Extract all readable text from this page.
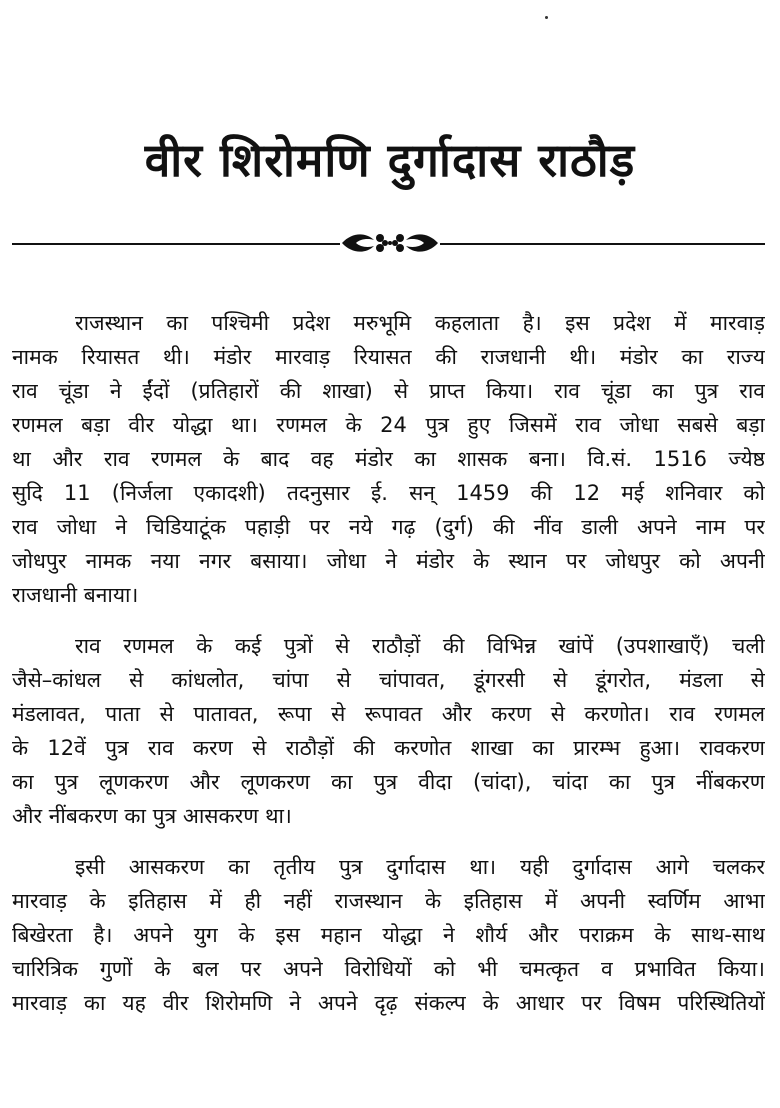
वीर शिरोमणि दुर्गादास राठौड़
राजस्थान का पश्चिमी प्रदेश मरुभूमि कहलाता है। इस प्रदेश में मारवाड़
नामक रियासत थी। मंडोर मारवाड़ रियासत की राजधानी थी। मंडोर का राज्य
राव चूंडा ने ईंदों (प्रतिहारों की शाखा) से प्राप्त किया। राव चूंडा का पुत्र राव
रणमल बड़ा वीर योद्धा था। रणमल के 24 पुत्र हुए जिसमें राव जोधा सबसे बड़ा
था और राव रणमल के बाद वह मंडोर का शासक बना। वि.सं. 1516 ज्येष्ठ
सुदि 11 (निर्जला एकादशी) तदनुसार ई. सन् 1459 की 12 मई शनिवार को
राव जोधा ने चिडियाटूंक पहाड़ी पर नये गढ़ (दुर्ग) की नींव डाली अपने नाम पर
जोधपुर नामक नया नगर बसाया। जोधा ने मंडोर के स्थान पर जोधपुर को अपनी
राजधानी बनाया।
राव रणमल के कई पुत्रों से राठौड़ों की विभिन्न खांपें (उपशाखाएँ) चली
जैसे–कांधल से कांधलोत, चांपा से चांपावत, डूंगरसी से डूंगरोत, मंडला से
मंडलावत, पाता से पातावत, रूपा से रूपावत और करण से करणोत। राव रणमल
के 12वें पुत्र राव करण से राठौड़ों की करणोत शाखा का प्रारम्भ हुआ। रावकरण
का पुत्र लूणकरण और लूणकरण का पुत्र वीदा (चांदा), चांदा का पुत्र नींबकरण
और नींबकरण का पुत्र आसकरण था।
इसी आसकरण का तृतीय पुत्र दुर्गादास था। यही दुर्गादास आगे चलकर
मारवाड़ के इतिहास में ही नहीं राजस्थान के इतिहास में अपनी स्वर्णिम आभा
बिखेरता है। अपने युग के इस महान योद्धा ने शौर्य और पराक्रम के साथ-साथ
चारित्रिक गुणों के बल पर अपने विरोधियों को भी चमत्कृत व प्रभावित किया।
मारवाड़ का यह वीर शिरोमणि ने अपने दृढ़ संकल्प के आधार पर विषम परिस्थितियों
